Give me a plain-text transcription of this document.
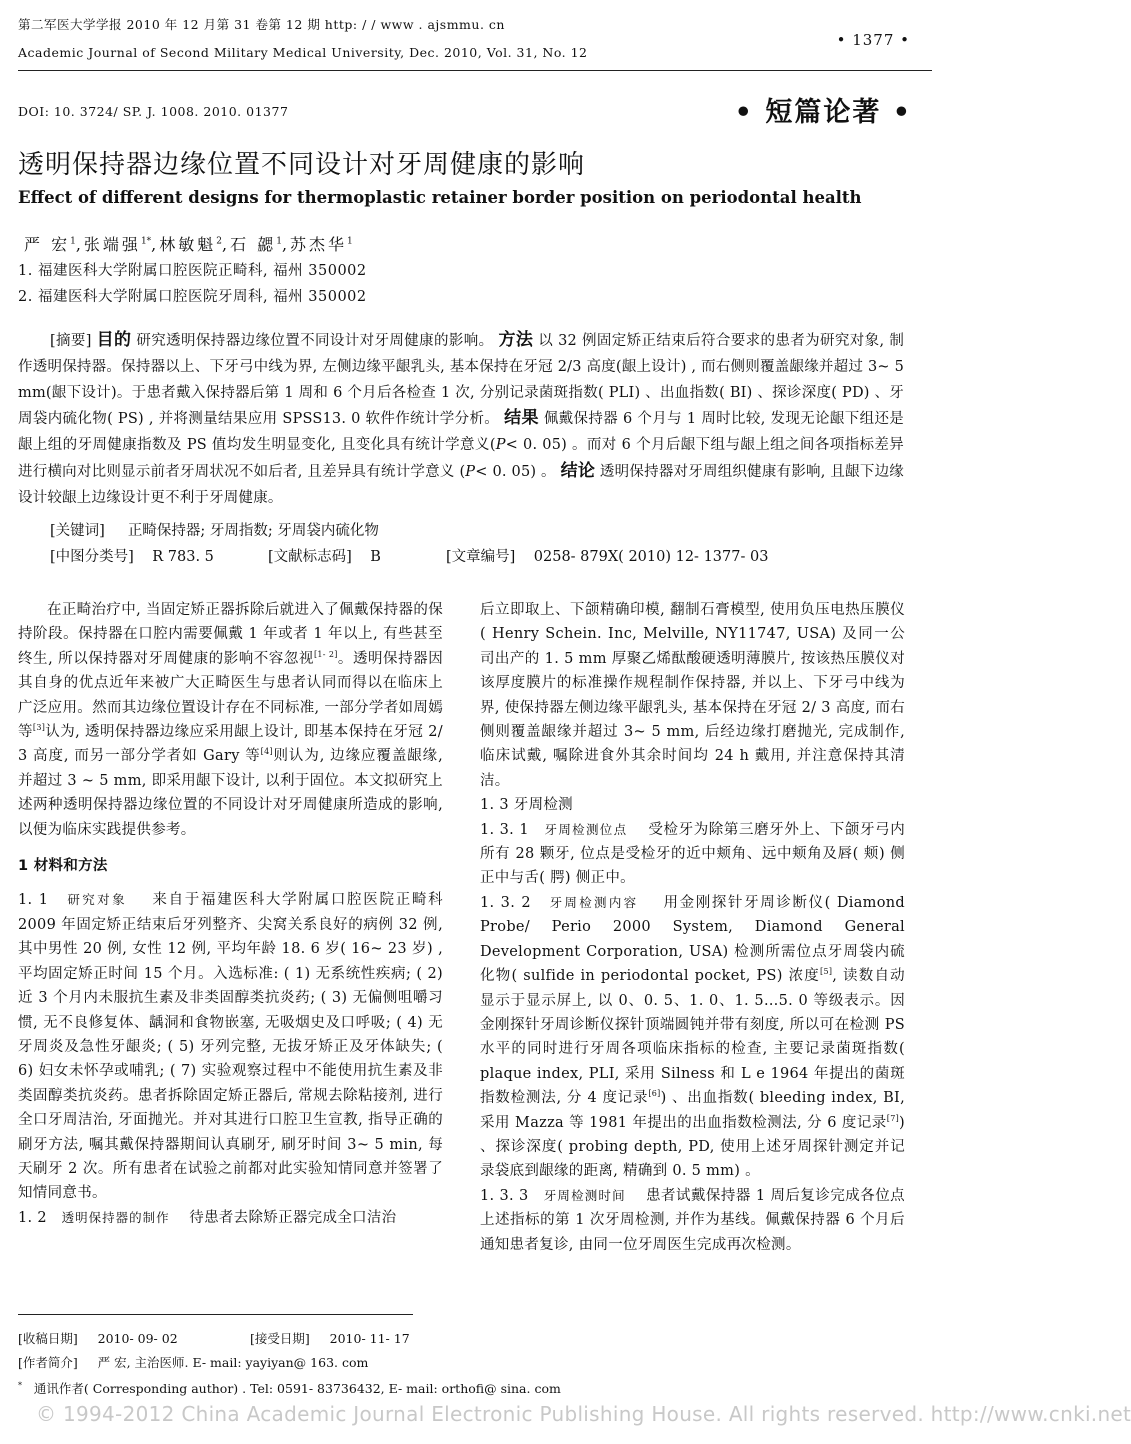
第二军医大学学报 2010 年 12 月第 31 卷第 12 期 http: / / www . ajsmmu. cn
Academic Journal of Second Military Medical University, Dec. 2010, Vol. 31, No. 12
• 1377 •
DOI: 10. 3724/ SP. J. 1008. 2010. 01377	• 短篇论著 •
透明保持器边缘位置不同设计对牙周健康的影响
Effect of different designs for thermoplastic retainer border position on periodontal health
严 宏$^1$,张端强$^{1*}$,林敏魁$^2$,石 勰$^1$,苏杰华$^1$
1. 福建医科大学附属口腔医院正畸科, 福州 350002
2. 福建医科大学附属口腔医院牙周科, 福州 350002
[摘要] 目的 研究透明保持器边缘位置不同设计对牙周健康的影响。 方法 以 32 例固定矫正结束后符合要求的患者为研究对象, 制作透明保持器。保持器以上、下牙弓中线为界, 左侧边缘平龈乳头, 基本保持在牙冠 2/3 高度(龈上设计) , 而右侧则覆盖龈缘并超过 3~ 5 mm(龈下设计)。于患者戴入保持器后第 1 周和 6 个月后各检查 1 次, 分别记录菌斑指数( PLI) 、出血指数( BI) 、探诊深度( PD) 、牙周袋内硫化物( PS) , 并将测量结果应用 SPSS13. 0 软件作统计学分析。 结果 佩戴保持器 6 个月与 1 周时比较, 发现无论龈下组还是龈上组的牙周健康指数及 PS 值均发生明显变化, 且变化具有统计学意义(P< 0. 05) 。而对 6 个月后龈下组与龈上组之间各项指标差异进行横向对比则显示前者牙周状况不如后者, 且差异具有统计学意义 (P< 0. 05) 。 结论 透明保持器对牙周组织健康有影响, 且龈下边缘设计较龈上边缘设计更不利于牙周健康。
[关键词] 正畸保持器; 牙周指数; 牙周袋内硫化物
[中图分类号] R 783. 5	[文献标志码] B	[文章编号] 0258- 879X( 2010) 12- 1377- 03

在正畸治疗中, 当固定矫正器拆除后就进入了佩戴保持器的保持阶段。保持器在口腔内需要佩戴 1 年或者 1 年以上, 有些甚至终生, 所以保持器对牙周健康的影响不容忽视[1- 2]。透明保持器因其自身的优点近年来被广大正畸医生与患者认同而得以在临床上广泛应用。然而其边缘位置设计存在不同标准, 一部分学者如周嫣等[3]认为, 透明保持器边缘应采用龈上设计, 即基本保持在牙冠 2/ 3 高度, 而另一部分学者如 Gary 等[4]则认为, 边缘应覆盖龈缘, 并超过 3 ~ 5 mm, 即采用龈下设计, 以利于固位。本文拟研究上述两种透明保持器边缘位置的不同设计对牙周健康所造成的影响, 以便为临床实践提供参考。

1 材料和方法

1. 1 研究对象 来自于福建医科大学附属口腔医院正畸科 2009 年固定矫正结束后牙列整齐、尖窝关系良好的病例 32 例, 其中男性 20 例, 女性 12 例, 平均年龄 18. 6 岁( 16~ 23 岁) , 平均固定矫正时间 15 个月。入选标准: ( 1) 无系统性疾病; ( 2) 近 3 个月内未服抗生素及非类固醇类抗炎药; ( 3) 无偏侧咀嚼习惯, 无不良修复体、龋洞和食物嵌塞, 无吸烟史及口呼吸; ( 4) 无牙周炎及急性牙龈炎; ( 5) 牙列完整, 无拔牙矫正及牙体缺失; ( 6) 妇女未怀孕或哺乳; ( 7) 实验观察过程中不能使用抗生素及非类固醇类抗炎药。患者拆除固定矫正器后, 常规去除粘接剂, 进行全口牙周洁治, 牙面抛光。并对其进行口腔卫生宣教, 指导正确的刷牙方法, 嘱其戴保持器期间认真刷牙, 刷牙时间 3~ 5 min, 每天刷牙 2 次。所有患者在试验之前都对此实验知情同意并签署了知情同意书。

1. 2 透明保持器的制作 待患者去除矫正器完成全口洁治

后立即取上、下颌精确印模, 翻制石膏模型, 使用负压电热压膜仪( Henry Schein. Inc, Melville, NY11747, USA) 及同一公司出产的 1. 5 mm 厚聚乙烯酞酸硬透明薄膜片, 按该热压膜仪对该厚度膜片的标准操作规程制作保持器, 并以上、下牙弓中线为界, 使保持器左侧边缘平龈乳头, 基本保持在牙冠 2/ 3 高度, 而右侧则覆盖龈缘并超过 3~ 5 mm, 后经边缘打磨抛光, 完成制作, 临床试戴, 嘱除进食外其余时间均 24 h 戴用, 并注意保持其清洁。

1. 3 牙周检测

1. 3. 1 牙周检测位点 受检牙为除第三磨牙外上、下颌牙弓内所有 28 颗牙, 位点是受检牙的近中颊角、远中颊角及唇( 颊) 侧正中与舌( 腭) 侧正中。

1. 3. 2 牙周检测内容 用金刚探针牙周诊断仪( Diamond Probe/ Perio 2000 System, Diamond General Development Corporation, USA) 检测所需位点牙周袋内硫化物( sulfide in periodontal pocket, PS) 浓度[5], 读数自动显示于显示屏上, 以 0、0. 5、1. 0、1. 5…5. 0 等级表示。因金刚探针牙周诊断仪探针顶端圆钝并带有刻度, 所以可在检测 PS 水平的同时进行牙周各项临床指标的检查, 主要记录菌斑指数( plaque index, PLI, 采用 Silness 和 L e 1964 年提出的菌斑指数检测法, 分 4 度记录[6]) 、出血指数( bleeding index, BI, 采用 Mazza 等 1981 年提出的出血指数检测法, 分 6 度记录[7]) 、探诊深度( probing depth, PD, 使用上述牙周探针测定并记录袋底到龈缘的距离, 精确到 0. 5 mm) 。

1. 3. 3 牙周检测时间 患者试戴保持器 1 周后复诊完成各位点上述指标的第 1 次牙周检测, 并作为基线。佩戴保持器 6 个月后通知患者复诊, 由同一位牙周医生完成再次检测。

[收稿日期] 2010- 09- 02	[接受日期] 2010- 11- 17
[作者简介] 严 宏, 主治医师. E- mail: yayiyan@ 163. com
* 通讯作者( Corresponding author) . Tel: 0591- 83736432, E- mail: orthofi@ sina. com
© 1994-2012 China Academic Journal Electronic Publishing House. All rights reserved. http://www.cnki.net
